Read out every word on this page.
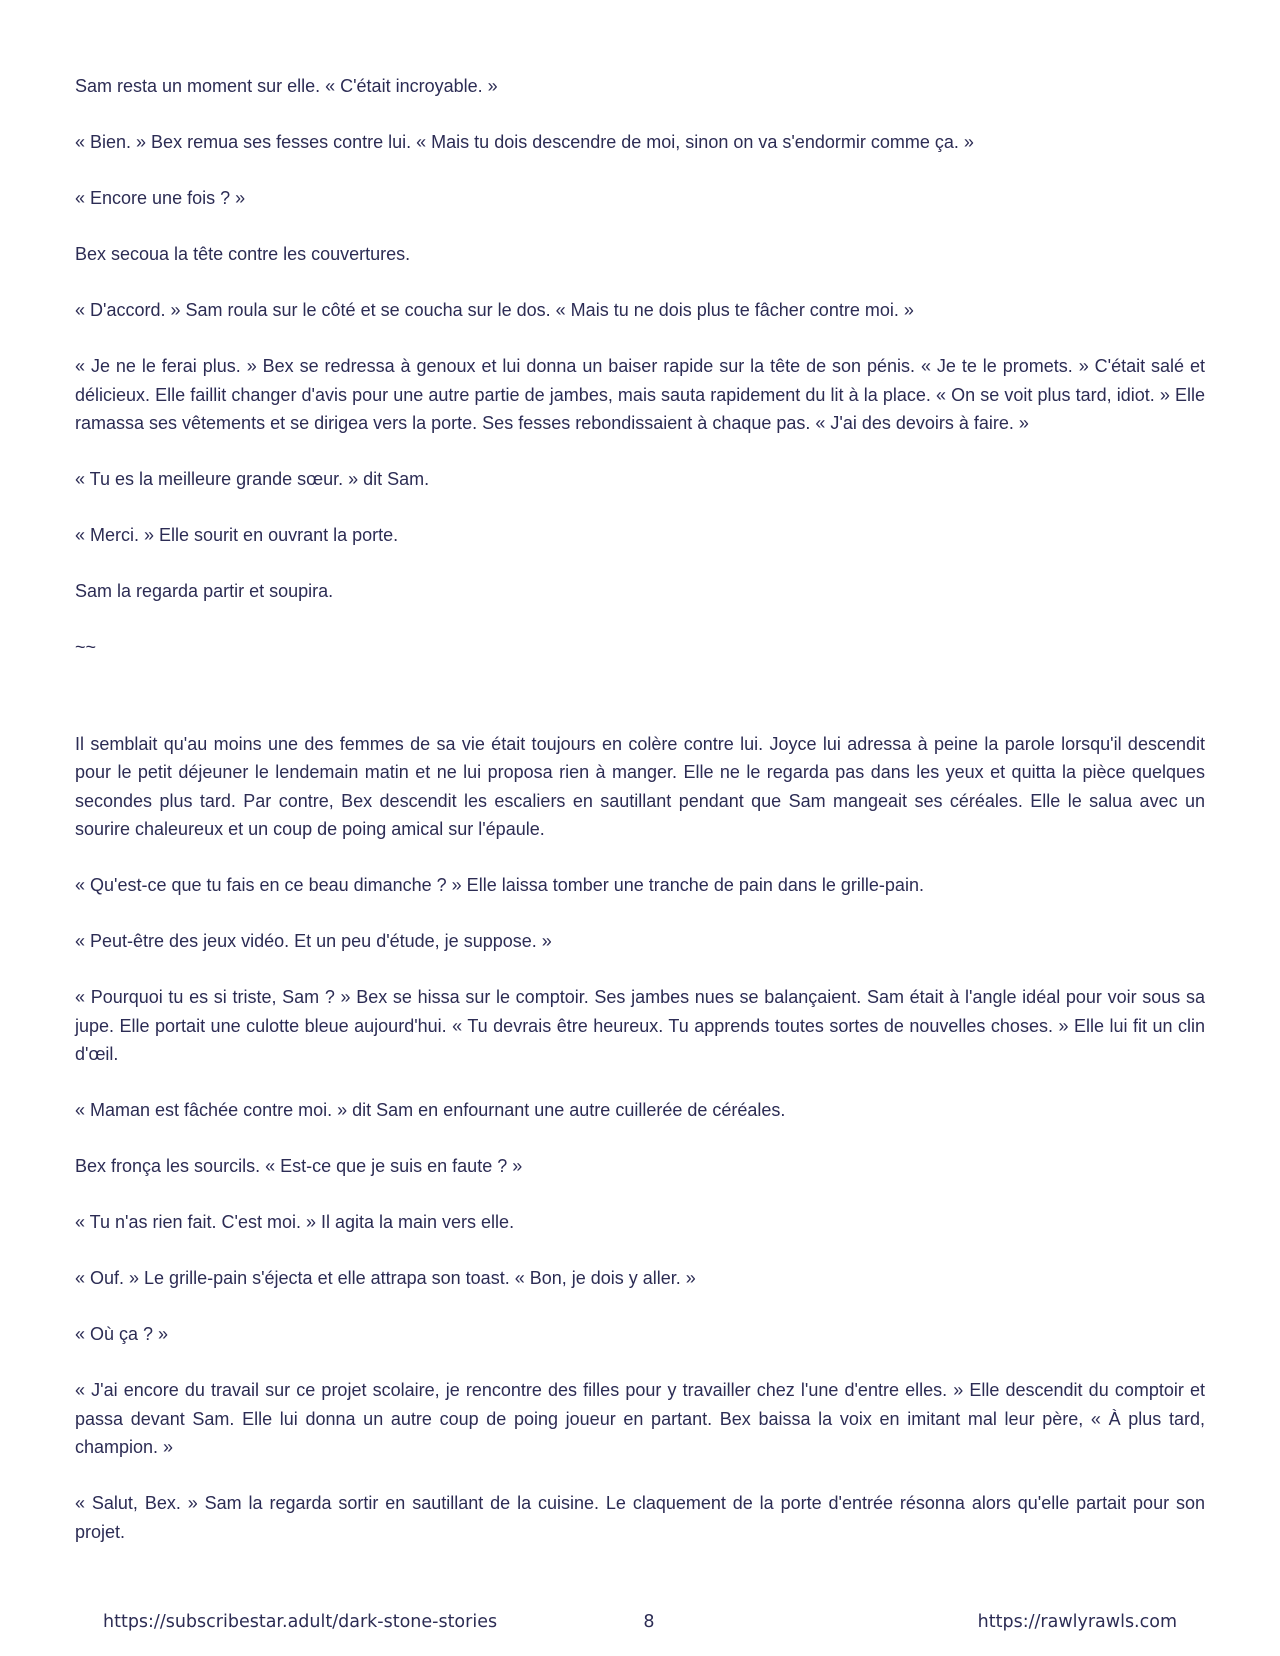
Sam resta un moment sur elle. « C'était incroyable. »

« Bien. » Bex remua ses fesses contre lui. « Mais tu dois descendre de moi, sinon on va s'endormir comme ça. »

« Encore une fois ? »

Bex secoua la tête contre les couvertures.

« D'accord. » Sam roula sur le côté et se coucha sur le dos. « Mais tu ne dois plus te fâcher contre moi. »

« Je ne le ferai plus. » Bex se redressa à genoux et lui donna un baiser rapide sur la tête de son pénis. « Je te le promets. » C'était salé et délicieux. Elle faillit changer d'avis pour une autre partie de jambes, mais sauta rapidement du lit à la place. « On se voit plus tard, idiot. » Elle ramassa ses vêtements et se dirigea vers la porte. Ses fesses rebondissaient à chaque pas. « J'ai des devoirs à faire. »

« Tu es la meilleure grande sœur. » dit Sam.

« Merci. » Elle sourit en ouvrant la porte.

Sam la regarda partir et soupira.

~~

Il semblait qu'au moins une des femmes de sa vie était toujours en colère contre lui. Joyce lui adressa à peine la parole lorsqu'il descendit pour le petit déjeuner le lendemain matin et ne lui proposa rien à manger. Elle ne le regarda pas dans les yeux et quitta la pièce quelques secondes plus tard. Par contre, Bex descendit les escaliers en sautillant pendant que Sam mangeait ses céréales. Elle le salua avec un sourire chaleureux et un coup de poing amical sur l'épaule.

« Qu'est-ce que tu fais en ce beau dimanche ? » Elle laissa tomber une tranche de pain dans le grille-pain.

« Peut-être des jeux vidéo. Et un peu d'étude, je suppose. »

« Pourquoi tu es si triste, Sam ? » Bex se hissa sur le comptoir. Ses jambes nues se balançaient. Sam était à l'angle idéal pour voir sous sa jupe. Elle portait une culotte bleue aujourd'hui. « Tu devrais être heureux. Tu apprends toutes sortes de nouvelles choses. » Elle lui fit un clin d'œil.

« Maman est fâchée contre moi. » dit Sam en enfournant une autre cuillerée de céréales.

Bex fronça les sourcils. « Est-ce que je suis en faute ? »

« Tu n'as rien fait. C'est moi. » Il agita la main vers elle.

« Ouf. » Le grille-pain s'éjecta et elle attrapa son toast. « Bon, je dois y aller. »

« Où ça ? »

« J'ai encore du travail sur ce projet scolaire, je rencontre des filles pour y travailler chez l'une d'entre elles. » Elle descendit du comptoir et passa devant Sam. Elle lui donna un autre coup de poing joueur en partant. Bex baissa la voix en imitant mal leur père, « À plus tard, champion. »

« Salut, Bex. » Sam la regarda sortir en sautillant de la cuisine. Le claquement de la porte d'entrée résonna alors qu'elle partait pour son projet.

https://subscribestar.adult/dark-stone-stories	8	https://rawlyrawls.com
